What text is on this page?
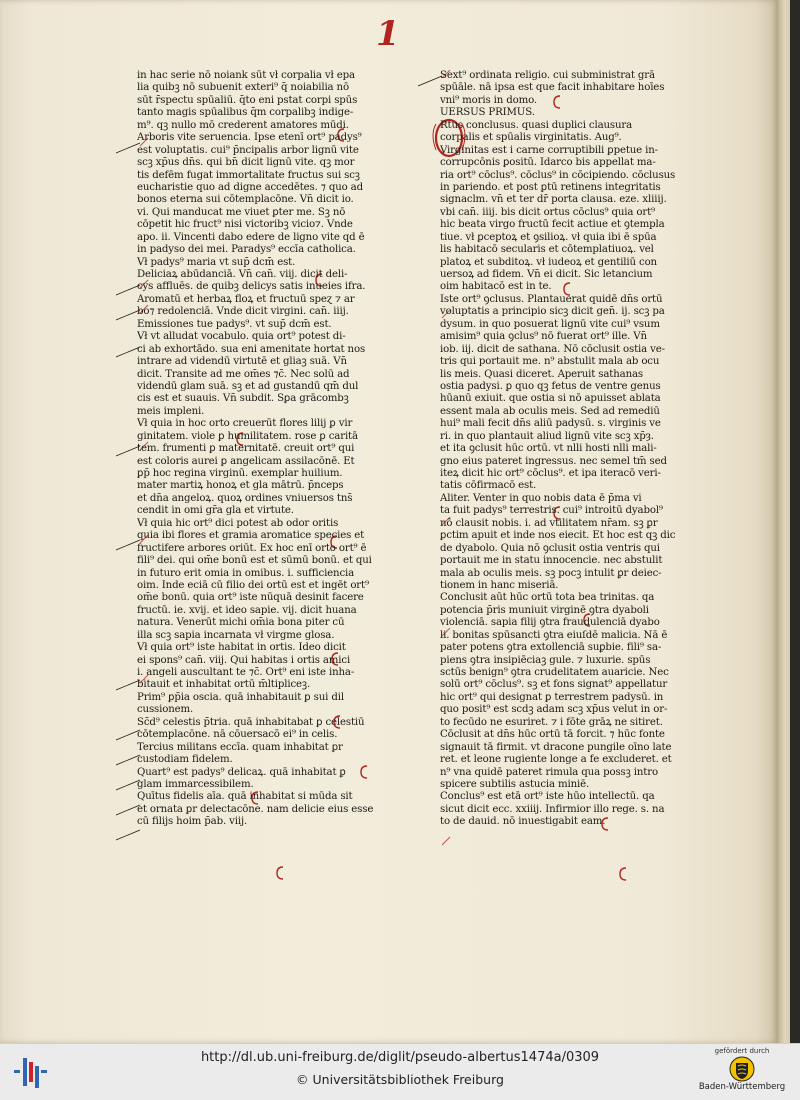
1
in hac serie nō noiank sūt vł corpalia vł epa
lia quibꝫ nō subuenit exteri⁹ q̄ noiabilia nō
sūt r̄spectu spūaliū. q̄to eni pstat corpi spūs
tanto magis spūalibus q̄m corpalibꝫ indige-
m⁹. qꝫ nullo mō crederent amatores mūdi.
Arboris vite seruencia. Ipse etenī ort⁹ padys⁹
est voluptatis. cui⁹ p̄ncipalis arbor lignū vite
scꝫ xp̄us dn̄s. qui bn̄ dicit lignū vite. qꝫ mor
tis defēm fugat immortalitate fructus sui scꝫ
eucharistie quo ad digne accedētes. ⁊ quo ad
bonos eterna sui cōtemplacōne. Vn̄ dicit io.
vi. Qui manducat me viuet ꝑter me. Sꝫ nō
cōpetit hic fruct⁹ nisi victoribꝫ vicio⁊. Vnde
apo. ii. Vincenti dabo edere de ligno vite qḋ ē
in padyso dei mei. Paradys⁹ eccīa catholica.
Vł padys⁹ maria vt sup̄ dcm̄ est.
Deliciaꝝ abūdanciā. Vn̄ can̄. viij. dicit deli-
cys affluēs. de quibꝫ delicys satis inueies ifra.
Aromatū et herbaꝝ floꝝ et fructuū speɀ ⁊ ar
bo⁊ redolenciā. Vnde dicit virgini. can̄. iiij.
Emissiones tue padys⁹. vt sup̄ dcm̄ est.
Vł vt alludat vocabulo. quia ort⁹ potest di-
ci ab exhortādo. sua eni amenitate hortat nos
intrare ad videndū virtutē et gl̄iaꝫ suā. Vn̄
dicit. Transite ad me om̄es ⁊c̄. Nec solū ad
videndū gl̄am suā. sꝫ et ad gustandū qm̄ dul
cis est et suauis. Vn̄ subdit. Sꝑa grācombꝫ
meis impleni.
Vł quia in hoc orto creuerūt flores lilij ꝑ vir
ginitatem. viole ꝑ humilitatem. rose ꝑ caritā
tem. frumenti ꝑ maternitatē. creuit ort⁹ qui
est coloris aurei ꝑ angelicam assilacōnē. Et
ꝑp̄ hoc regina virginū. exemplar huilium.
mater martiꝝ honoꝝ et gl̄a mātrū. p̄nceps
et dn̄a angeloꝝ. quoꝝ ordines vniuersos tns̄
cendit in omi gr̄a gl̄a et virtute.
Vł quia hic ort⁹ dici potest ab odor oritis
quia ibi flores et gramia aromatice species et
fructifere arbores oriūt. Ex hoc enī orto ort⁹ ē
fili⁹ dei. qui om̄e bonū est et sūmū bonū. et qui
in futuro erit omia in omibus. i. sufficiencia
oim. Inde eciā cū filio dei ortū est et ingēt ort⁹
om̄e bonū. quia ort⁹ iste nūquā desinit facere
fructū. ie. xvij. et ideo sapie. vij. dicit huana
natura. Venerūt michi om̄ia bona piter cū
illa scꝫ sapia incarnata vł virgme gl̄osa.
Vł quia ort⁹ iste habitat in ortis. Ideo dicit
ei spons⁹ can̄. viij. Qui habitas i ortis amici
i. angeli auscultant te ⁊c̄. Ort⁹ eni iste inha-
bitauit et inhabitat ortū m̄ltipliceꝫ.
Prim⁹ ꝑp̄ia oscia. quā inhabitauit ꝑ sui dil
cussionem.
Sc̄d⁹ celestis p̄tria. quā inhabitabat ꝑ celestiū
cōtemplacōne. nā cōuersacō ei⁹ in celis.
Tercius militans eccīa. quam inhabitat ꝑr
custodiam fidelem.
Quart⁹ est padys⁹ delicaꝝ. quā inhabitat ꝑ
gl̄am immarcessibilem.
Quītus fidelis aīa. quā inhabitat si mūda sit
et ornata ꝑr delectacōne. nam delicie eius esse
cū filijs hoim p̄ab. viij.
Sext⁹ ordinata religio. cui subministrat grā
spūāle. nā ipsa est que facit inhabitare hoīes
vni⁹ moris in domo.
UERSUS PRIMUS.
Rtus conclusus. quasi duplici clausura
corpalis et spūalis virginitatis. Aug⁹.
Virginitas est i carne corruptibili ꝑpetue in-
corrupcōnis ꝑositū. Idarco bis appellat ma-
ria ort⁹ cōclus⁹. cōclus⁹ in cōcipiendo. cōclusus
in pariendo. et post ꝑtū retinens integritatis
signacl̄m. vn̄ et ter dr̄ porta clausa. eze. xliiij.
vbi can̄. iiij. bis dicit ortus cōclus⁹ quia ort⁹
hic beata virgo fructū fecit actiue et ꝯtempla
tiue. vł ꝑceptoꝝ et ꝯsilioꝝ. vł quia ibi ē spūa
lis habitacō secularis et cōtemplatiuoꝝ. vel
platoꝝ et subditoꝝ. vł iudeoꝝ et gentiliū con
uersoꝝ ad fidem. Vn̄ ei dicit. Sic letancium
oim habitacō est in te.
Iste ort⁹ ꝯclusus. Plantauerat quidē dn̄s ortū
voluptatis a principio sicꝫ dicit gen̄. ij. scꝫ pa
dysum. in quo posuerat lignū vite cui⁹ vsum
amisim⁹ quia ꝯclus⁹ nō fuerat ort⁹ ille. Vn̄
iob. iij. dicit de sathana. Nō cōclusit ostia ve-
tris qui portauit me. n⁹ abstulit mala ab ocu
lis meis. Quasi diceret. Aperuit sathanas
ostia padysi. ꝑ quo qꝫ fetus de ventre genus
hūanū exiuit. que ostia si nō apuisset ablata
essent mala ab oculis meis. Sed ad remediū
hui⁹ mali fecit dn̄s aliū padysū. s. virginis ve
ri. in quo plantauit aliud lignū vite scꝫ xp̄ȝ.
et ita ꝯclusit hūc ortū. vt nlli hosti nlli mali-
gno eius pateret ingressus. nec semel tm̄ sed
iteꝝ dicit hic ort⁹ cōclus⁹. et ipa iteracō veri-
tatis cōfirmacō est.
Aliter. Venter in quo nobis data ē p̄ma vi
ta fuit padys⁹ terrestris. cui⁹ introitū dyabol⁹
nō clausit nobis. i. ad vtilitatem nr̄am. sꝫ ꝑr
ꝑctim apuit et inde nos eiecit. Et hoc est qꝫ dic
de dyabolo. Quia nō ꝯclusit ostia ventris qui
portauit me in statu innocencie. nec abstulit
mala ab oculis meis. sꝫ pocꝫ intulit ꝑr deiec-
tionem in hanc miseriā.
Conclusit aūt hūc ortū tota bea trinitas. qa
potencia p̄ris muniuit virginē ꝯtra dyaboli
violenciā. sapia filij ꝯtra fraudulenciā dyabo
li. bonitas spūsancti ꝯtra eiuſdē malicia. Nā ē
pater potens ꝯtra extollenciā suꝑbie. fili⁹ sa-
piens ꝯtra insipiēciaꝫ gule. ⁊ luxurie. spūs
sctūs benign⁹ ꝯtra crudelitatem auaricie. Nec
solū ort⁹ cōclus⁹. sꝫ et fons signat⁹ appellatur
hic ort⁹ qui designat ꝑ terrestrem padysū. in
quo posit⁹ est scdꝫ adam scꝫ xp̄us velut in or-
to fecūdo ne esuriret. ⁊ i fōte grāꝝ ne sitiret.
Cōclusit at dn̄s hūc ortū tā forcit. ⁊ hūc fonte
signauit tā firmit. vt dracone pungile oīno late
ret. et leone rugiente longe a fe excluderet. et
n⁹ vna quidē pateret rimula qua possꝫ intro
spicere subtilis astucia miniē.
Conclus⁹ est etā ort⁹ iste hūo intellectū. qa
sicut dicit ecc. xxiiij. Infirmior illo rege. s. na
to de dauid. nō inuestigabit eam.
http://dl.ub.uni-freiburg.de/diglit/pseudo-albertus1474a/0309
© Universitätsbibliothek Freiburg
gefördert durch
Baden-Württemberg
